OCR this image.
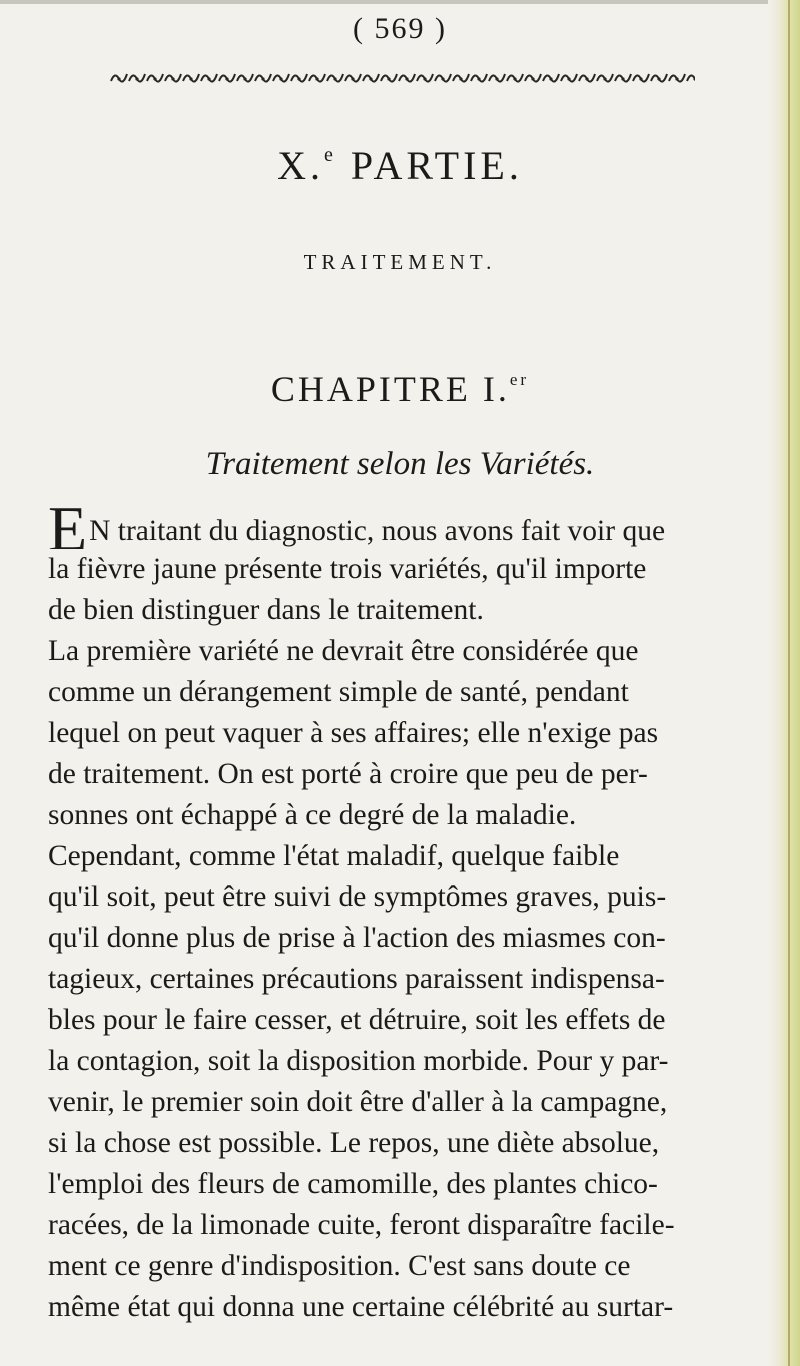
( 569 )
X.$^e$ PARTIE.
TRAITEMENT.
CHAPITRE I.$^{er}$
Traitement selon les Variétés.
EN traitant du diagnostic, nous avons fait voir que
la fièvre jaune présente trois variétés, qu'il importe
de bien distinguer dans le traitement.
La première variété ne devrait être considérée que
comme un dérangement simple de santé, pendant
lequel on peut vaquer à ses affaires; elle n'exige pas
de traitement. On est porté à croire que peu de per-
sonnes ont échappé à ce degré de la maladie.
Cependant, comme l'état maladif, quelque faible
qu'il soit, peut être suivi de symptômes graves, puis-
qu'il donne plus de prise à l'action des miasmes con-
tagieux, certaines précautions paraissent indispensa-
bles pour le faire cesser, et détruire, soit les effets de
la contagion, soit la disposition morbide. Pour y par-
venir, le premier soin doit être d'aller à la campagne,
si la chose est possible. Le repos, une diète absolue,
l'emploi des fleurs de camomille, des plantes chico-
racées, de la limonade cuite, feront disparaître facile-
ment ce genre d'indisposition. C'est sans doute ce
même état qui donna une certaine célébrité au surtar-
